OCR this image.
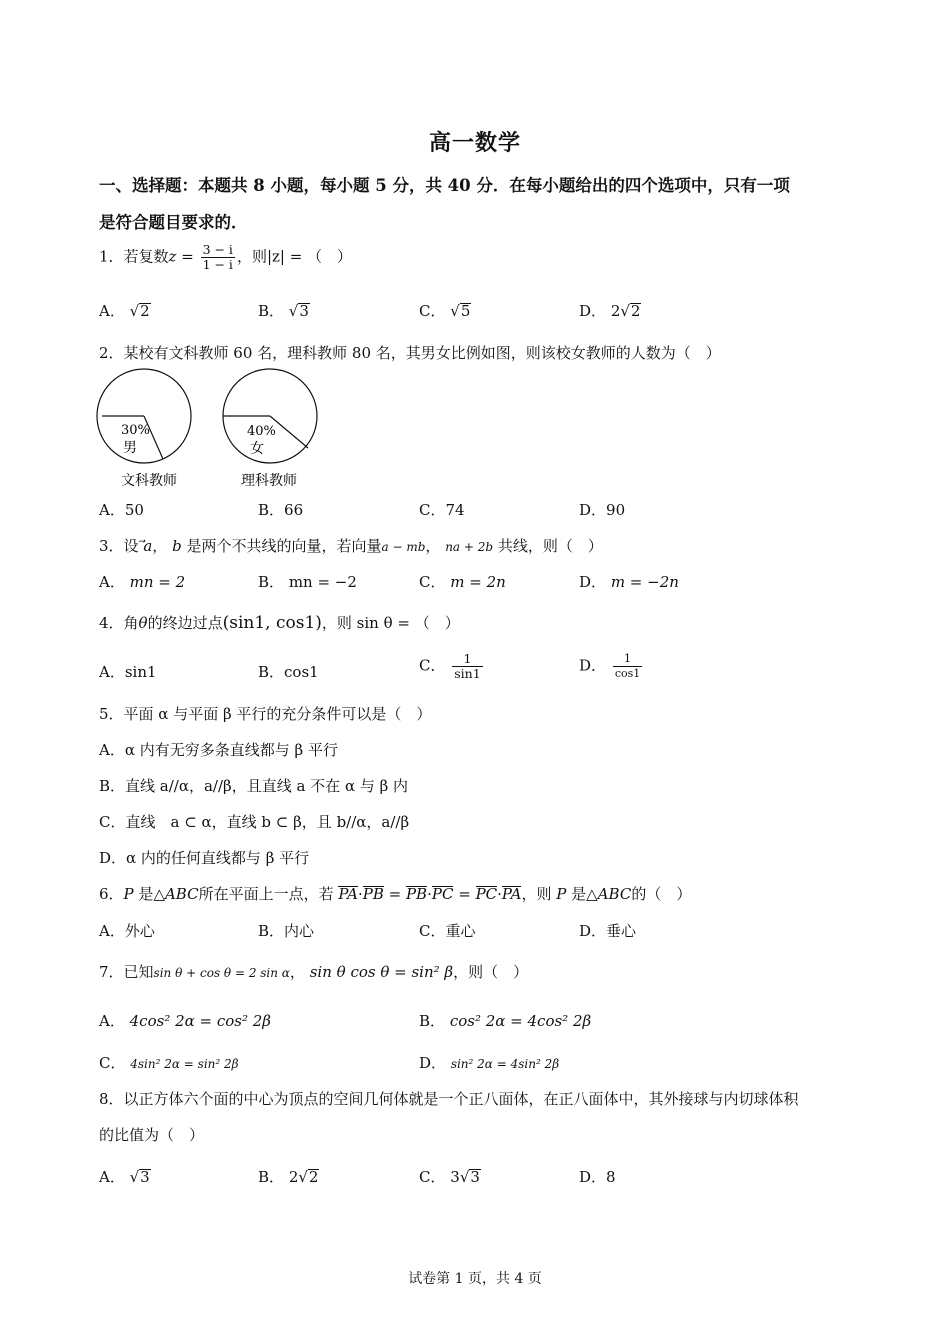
高一数学
一、选择题：本题共 8 小题，每小题 5 分，共 40 分．在每小题给出的四个选项中，只有一项
是符合题目要求的．
1．若复数$z = \frac{3 - i}{1 - i}$ ，则|z| = （　）
A． √2	B． √3	C． √5	D． 2√2
2．某校有文科教师 60 名，理科教师 80 名，其男女比例如图，则该校女教师的人数为（　）
30%
男
文科教师
40%
女
理科教师
A．50	B．66	C．74	D．90
3．设 a， b 是两个不共线的向量，若向量a − mb， na + 2b 共线，则（　）
A． mn = 2	B． mn = −2	C． m = 2n	D． m = −2n
4．角θ的终边过点(sin1, cos1)，则 sin θ = （　）
A．sin1	B．cos1	C． $\frac{1}{\sin 1}$	D． $\frac{1}{\cos 1}$
5．平面 α 与平面 β 平行的充分条件可以是（　）
A．α 内有无穷多条直线都与 β 平行
B．直线 a//α，a//β，且直线 a 不在 α 与 β 内
C．直线　a ⊂ α，直线 b ⊂ β，且 b//α，a//β
D．α 内的任何直线都与 β 平行
6．P 是△ABC所在平面上一点，若 PA·PB = PB·PC = PC·PA，则 P 是△ABC的（　）
A．外心	B．内心	C．重心	D．垂心
7．已知sin θ + cos θ = 2 sin α， sin θ cos θ = sin² β，则（　）
A． 4cos² 2α = cos² 2β	B． cos² 2α = 4cos² 2β
C． 4sin² 2α = sin² 2β	D． sin² 2α = 4sin² 2β
8．以正方体六个面的中心为顶点的空间几何体就是一个正八面体，在正八面体中，其外接球与内切球体积
的比值为（　）
A． √3	B． 2√2	C． 3√3	D．8
试卷第 1 页，共 4 页
